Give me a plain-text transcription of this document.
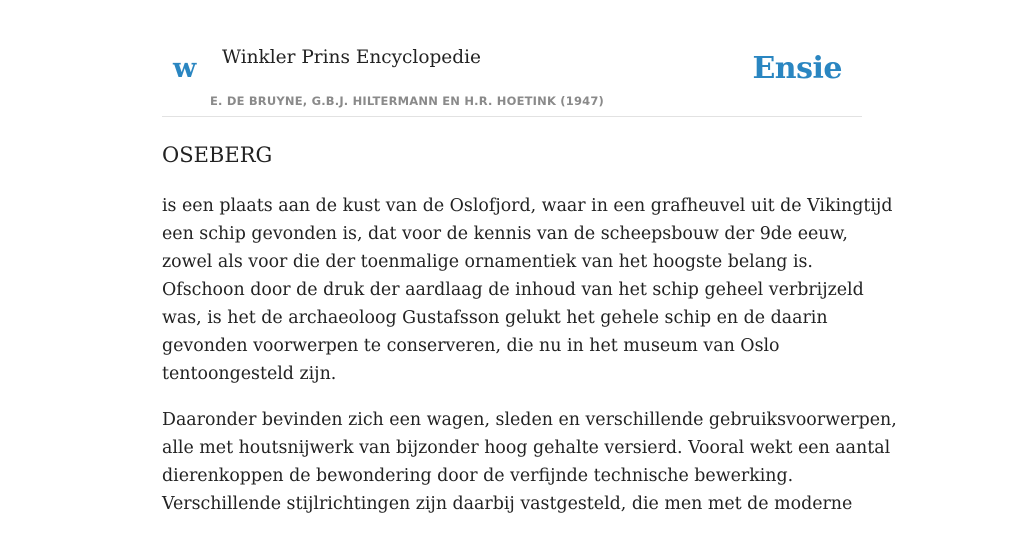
w Winkler Prins Encyclopedie
E. DE BRUYNE, G.B.J. HILTERMANN EN H.R. HOETINK (1947)
Ensie
OSEBERG

is een plaats aan de kust van de Oslofjord, waar in een grafheuvel uit de Vikingtijd
een schip gevonden is, dat voor de kennis van de scheepsbouw der 9de eeuw,
zowel als voor die der toenmalige ornamentiek van het hoogste belang is.
Ofschoon door de druk der aardlaag de inhoud van het schip geheel verbrijzeld
was, is het de archaeoloog Gustafsson gelukt het gehele schip en de daarin
gevonden voorwerpen te conserveren, die nu in het museum van Oslo
tentoongesteld zijn.

Daaronder bevinden zich een wagen, sleden en verschillende gebruiksvoorwerpen,
alle met houtsnijwerk van bijzonder hoog gehalte versierd. Vooral wekt een aantal
dierenkoppen de bewondering door de verfijnde technische bewerking.
Verschillende stijlrichtingen zijn daarbij vastgesteld, die men met de moderne
